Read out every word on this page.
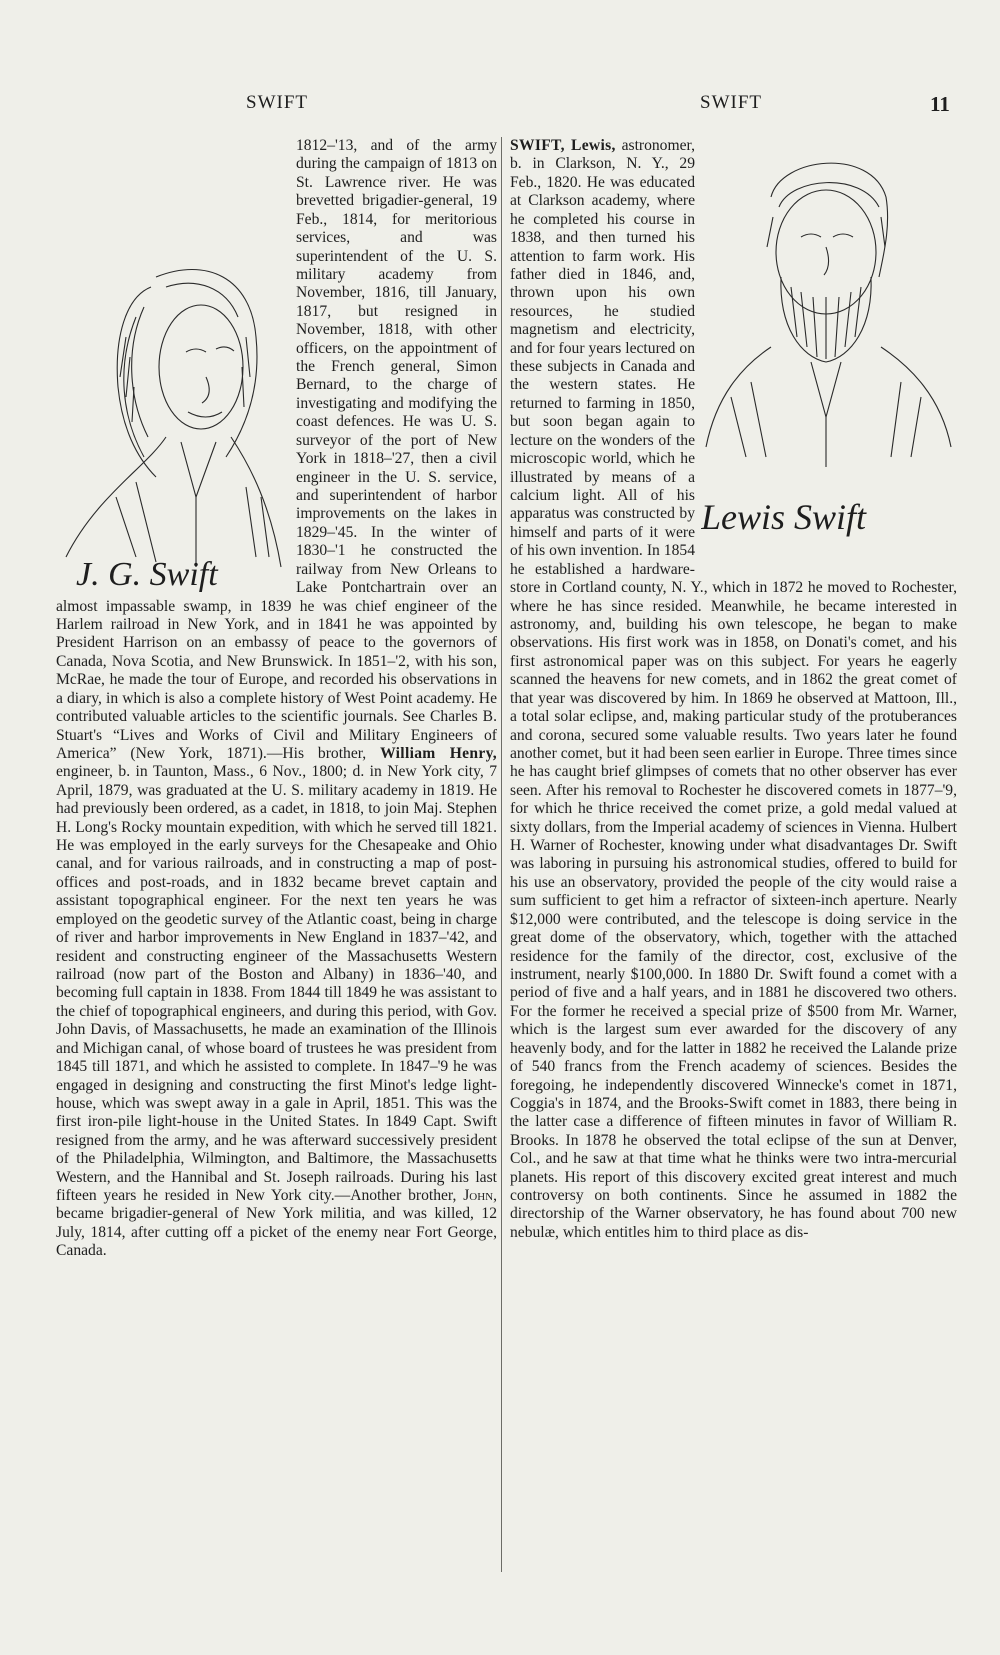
SWIFT	SWIFT	11
J. G. Swift

1812–'13, and of the army during the campaign of 1813 on St. Lawrence river. He was brevetted brigadier-general, 19 Feb., 1814, for meritorious services, and was superintendent of the U. S. military academy from November, 1816, till January, 1817, but resigned in November, 1818, with other officers, on the appointment of the French general, Simon Bernard, to the charge of investigating and modifying the coast defences. He was U. S. surveyor of the port of New York in 1818–'27, then a civil engineer in the U. S. service, and superintendent of harbor improvements on the lakes in 1829–'45. In the winter of 1830–'1 he constructed the railway from New Orleans to Lake Pontchartrain over an almost impassable swamp, in 1839 he was chief engineer of the Harlem railroad in New York, and in 1841 he was appointed by President Harrison on an embassy of peace to the governors of Canada, Nova Scotia, and New Brunswick. In 1851–'2, with his son, McRae, he made the tour of Europe, and recorded his observations in a diary, in which is also a complete history of West Point academy. He contributed valuable articles to the scientific journals. See Charles B. Stuart's “Lives and Works of Civil and Military Engineers of America” (New York, 1871).—His brother, William Henry, engineer, b. in Taunton, Mass., 6 Nov., 1800; d. in New York city, 7 April, 1879, was graduated at the U. S. military academy in 1819. He had previously been ordered, as a cadet, in 1818, to join Maj. Stephen H. Long's Rocky mountain expedition, with which he served till 1821. He was employed in the early surveys for the Chesapeake and Ohio canal, and for various railroads, and in constructing a map of post-offices and post-roads, and in 1832 became brevet captain and assistant topographical engineer. For the next ten years he was employed on the geodetic survey of the Atlantic coast, being in charge of river and harbor improvements in New England in 1837–'42, and resident and constructing engineer of the Massachusetts Western railroad (now part of the Boston and Albany) in 1836–'40, and becoming full captain in 1838. From 1844 till 1849 he was assistant to the chief of topographical engineers, and during this period, with Gov. John Davis, of Massachusetts, he made an examination of the Illinois and Michigan canal, of whose board of trustees he was president from 1845 till 1871, and which he assisted to complete. In 1847–'9 he was engaged in designing and constructing the first Minot's ledge light-house, which was swept away in a gale in April, 1851. This was the first iron-pile light-house in the United States. In 1849 Capt. Swift resigned from the army, and he was afterward successively president of the Philadelphia, Wilmington, and Baltimore, the Massachusetts Western, and the Hannibal and St. Joseph railroads. During his last fifteen years he resided in New York city.—Another brother, John, became brigadier-general of New York militia, and was killed, 12 July, 1814, after cutting off a picket of the enemy near Fort George, Canada.

Lewis Swift

SWIFT, Lewis, astronomer, b. in Clarkson, N. Y., 29 Feb., 1820. He was educated at Clarkson academy, where he completed his course in 1838, and then turned his attention to farm work. His father died in 1846, and, thrown upon his own resources, he studied magnetism and electricity, and for four years lectured on these subjects in Canada and the western states. He returned to farming in 1850, but soon began again to lecture on the wonders of the microscopic world, which he illustrated by means of a calcium light. All of his apparatus was constructed by himself and parts of it were of his own invention. In 1854 he established a hardware-store in Cortland county, N. Y., which in 1872 he moved to Rochester, where he has since resided. Meanwhile, he became interested in astronomy, and, building his own telescope, he began to make observations. His first work was in 1858, on Donati's comet, and his first astronomical paper was on this subject. For years he eagerly scanned the heavens for new comets, and in 1862 the great comet of that year was discovered by him. In 1869 he observed at Mattoon, Ill., a total solar eclipse, and, making particular study of the protuberances and corona, secured some valuable results. Two years later he found another comet, but it had been seen earlier in Europe. Three times since he has caught brief glimpses of comets that no other observer has ever seen. After his removal to Rochester he discovered comets in 1877–'9, for which he thrice received the comet prize, a gold medal valued at sixty dollars, from the Imperial academy of sciences in Vienna. Hulbert H. Warner of Rochester, knowing under what disadvantages Dr. Swift was laboring in pursuing his astronomical studies, offered to build for his use an observatory, provided the people of the city would raise a sum sufficient to get him a refractor of sixteen-inch aperture. Nearly $12,000 were contributed, and the telescope is doing service in the great dome of the observatory, which, together with the attached residence for the family of the director, cost, exclusive of the instrument, nearly $100,000. In 1880 Dr. Swift found a comet with a period of five and a half years, and in 1881 he discovered two others. For the former he received a special prize of $500 from Mr. Warner, which is the largest sum ever awarded for the discovery of any heavenly body, and for the latter in 1882 he received the Lalande prize of 540 francs from the French academy of sciences. Besides the foregoing, he independently discovered Winnecke's comet in 1871, Coggia's in 1874, and the Brooks-Swift comet in 1883, there being in the latter case a difference of fifteen minutes in favor of William R. Brooks. In 1878 he observed the total eclipse of the sun at Denver, Col., and he saw at that time what he thinks were two intra-mercurial planets. His report of this discovery excited great interest and much controversy on both continents. Since he assumed in 1882 the directorship of the Warner observatory, he has found about 700 new nebulæ, which entitles him to third place as dis-
